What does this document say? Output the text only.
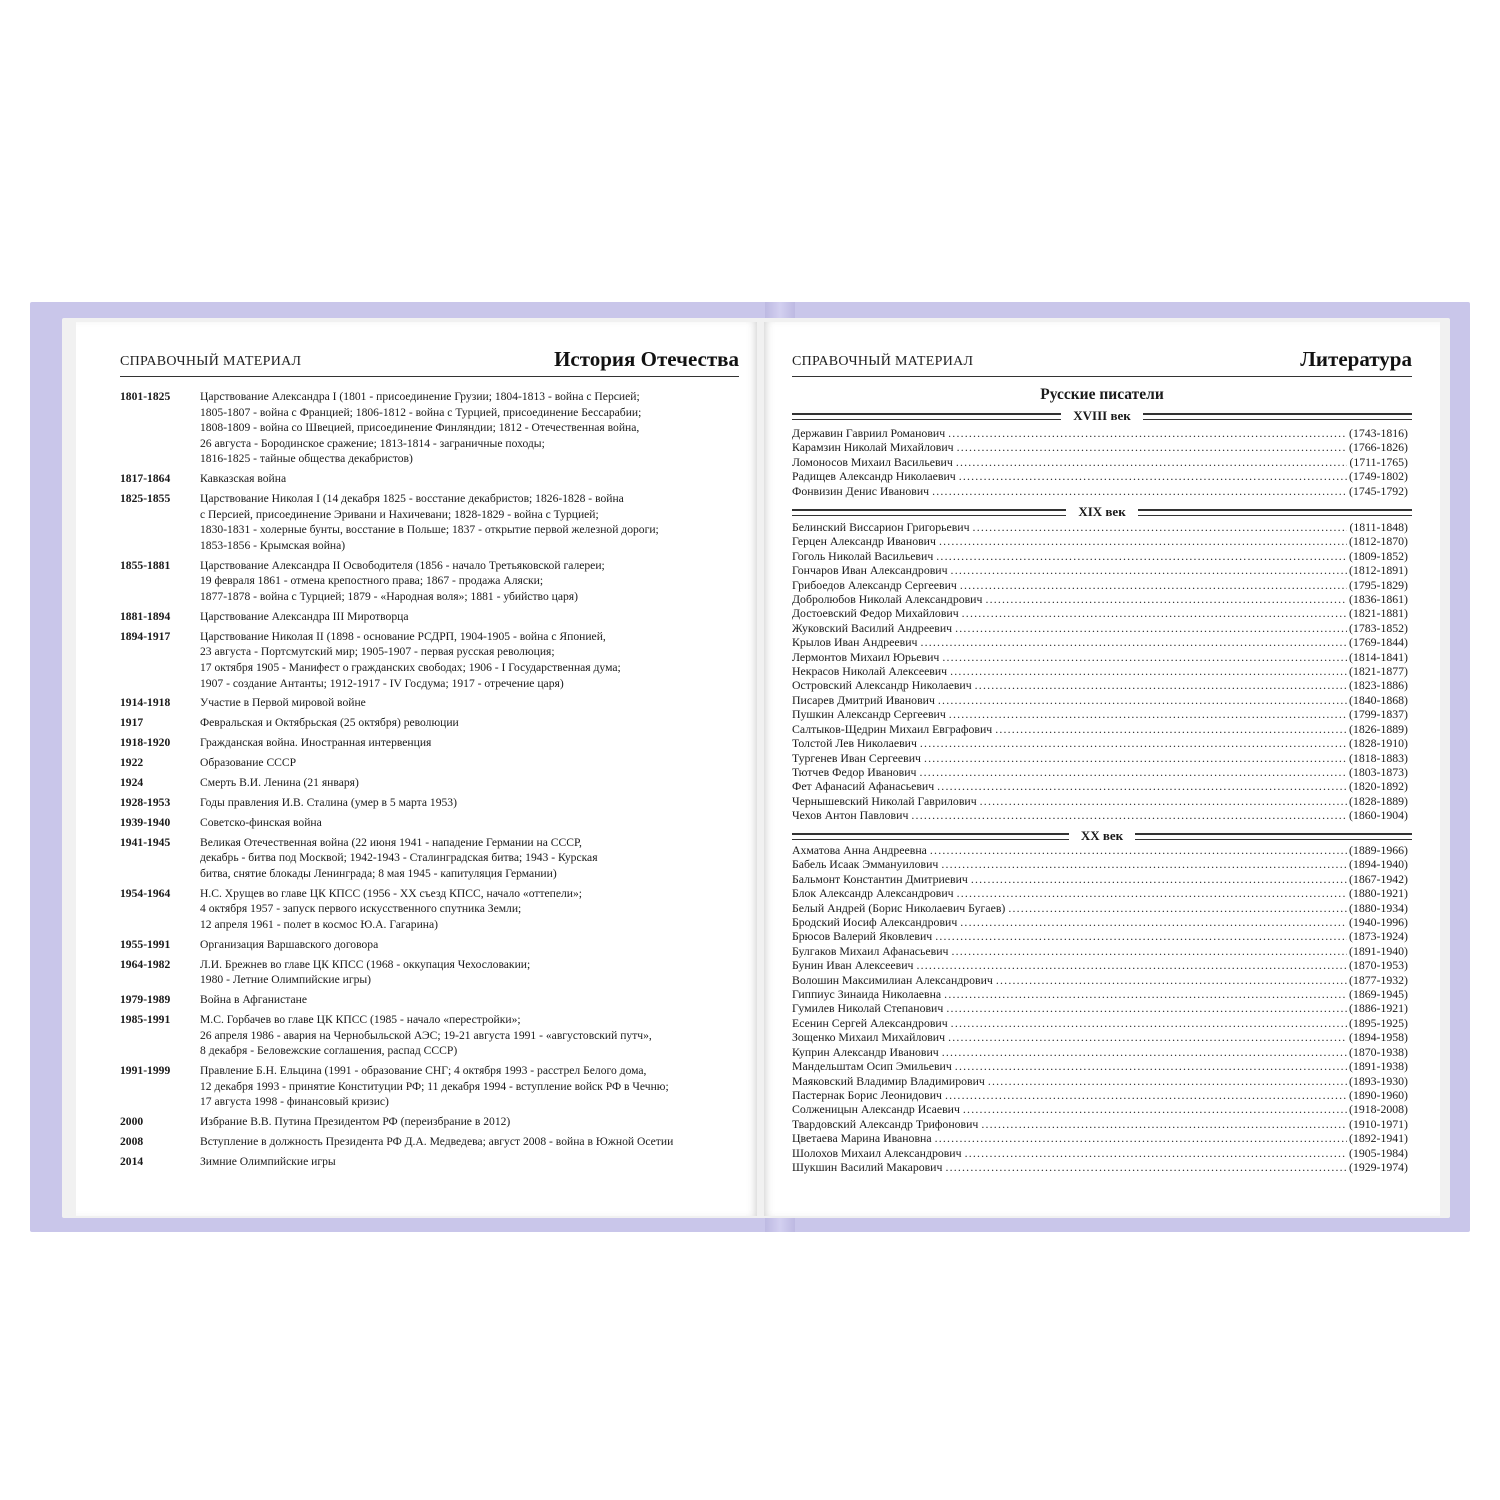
СПРАВОЧНЫЙ МАТЕРИАЛ	История Отечества
1801-1825	Царствование Александра I (1801 - присоединение Грузии; 1804-1813 - война с Персией;
1805-1807 - война с Францией; 1806-1812 - война с Турцией, присоединение Бессарабии;
1808-1809 - война со Швецией, присоединение Финляндии; 1812 - Отечественная война,
26 августа - Бородинское сражение; 1813-1814 - заграничные походы;
1816-1825 - тайные общества декабристов)
1817-1864	Кавказская война
1825-1855	Царствование Николая I (14 декабря 1825 - восстание декабристов; 1826-1828 - война
с Персией, присоединение Эривани и Нахичевани; 1828-1829 - война с Турцией;
1830-1831 - холерные бунты, восстание в Польше; 1837 - открытие первой железной дороги;
1853-1856 - Крымская война)
1855-1881	Царствование Александра II Освободителя (1856 - начало Третьяковской галереи;
19 февраля 1861 - отмена крепостного права; 1867 - продажа Аляски;
1877-1878 - война с Турцией; 1879 - «Народная воля»; 1881 - убийство царя)
1881-1894	Царствование Александра III Миротворца
1894-1917	Царствование Николая II (1898 - основание РСДРП, 1904-1905 - война с Японией,
23 августа - Портсмутский мир; 1905-1907 - первая русская революция;
17 октября 1905 - Манифест о гражданских свободах; 1906 - I Государственная дума;
1907 - создание Антанты; 1912-1917 - IV Госдума; 1917 - отречение царя)
1914-1918	Участие в Первой мировой войне
1917	Февральская и Октябрьская (25 октября) революции
1918-1920	Гражданская война. Иностранная интервенция
1922	Образование СССР
1924	Смерть В.И. Ленина (21 января)
1928-1953	Годы правления И.В. Сталина (умер в 5 марта 1953)
1939-1940	Советско-финская война
1941-1945	Великая Отечественная война (22 июня 1941 - нападение Германии на СССР,
декабрь - битва под Москвой; 1942-1943 - Сталинградская битва; 1943 - Курская
битва, снятие блокады Ленинграда; 8 мая 1945 - капитуляция Германии)
1954-1964	Н.С. Хрущев во главе ЦК КПСС (1956 - XX съезд КПСС, начало «оттепели»;
4 октября 1957 - запуск первого искусственного спутника Земли;
12 апреля 1961 - полет в космос Ю.А. Гагарина)
1955-1991	Организация Варшавского договора
1964-1982	Л.И. Брежнев во главе ЦК КПСС (1968 - оккупация Чехословакии;
1980 - Летние Олимпийские игры)
1979-1989	Война в Афганистане
1985-1991	М.С. Горбачев во главе ЦК КПСС (1985 - начало «перестройки»;
26 апреля 1986 - авария на Чернобыльской АЭС; 19-21 августа 1991 - «августовский путч»,
8 декабря - Беловежские соглашения, распад СССР)
1991-1999	Правление Б.Н. Ельцина (1991 - образование СНГ; 4 октября 1993 - расстрел Белого дома,
12 декабря 1993 - принятие Конституции РФ; 11 декабря 1994 - вступление войск РФ в Чечню;
17 августа 1998 - финансовый кризис)
2000	Избрание В.В. Путина Президентом РФ (переизбрание в 2012)
2008	Вступление в должность Президента РФ Д.А. Медведева; август 2008 - война в Южной Осетии
2014	Зимние Олимпийские игры
СПРАВОЧНЫЙ МАТЕРИАЛ	Литература
Русские писатели
XVIII век
Державин Гавриил Романович .....	(1743-1816)
Карамзин Николай Михайлович .....	(1766-1826)
Ломоносов Михаил Васильевич .....	(1711-1765)
Радищев Александр Николаевич .....	(1749-1802)
Фонвизин Денис Иванович .....	(1745-1792)
XIX век
Белинский Виссарион Григорьевич .....	(1811-1848)
Герцен Александр Иванович .....	(1812-1870)
Гоголь Николай Васильевич .....	(1809-1852)
Гончаров Иван Александрович .....	(1812-1891)
Грибоедов Александр Сергеевич .....	(1795-1829)
Добролюбов Николай Александрович .....	(1836-1861)
Достоевский Федор Михайлович .....	(1821-1881)
Жуковский Василий Андреевич .....	(1783-1852)
Крылов Иван Андреевич .....	(1769-1844)
Лермонтов Михаил Юрьевич .....	(1814-1841)
Некрасов Николай Алексеевич .....	(1821-1877)
Островский Александр Николаевич .....	(1823-1886)
Писарев Дмитрий Иванович .....	(1840-1868)
Пушкин Александр Сергеевич .....	(1799-1837)
Салтыков-Щедрин Михаил Евграфович .....	(1826-1889)
Толстой Лев Николаевич .....	(1828-1910)
Тургенев Иван Сергеевич .....	(1818-1883)
Тютчев Федор Иванович .....	(1803-1873)
Фет Афанасий Афанасьевич .....	(1820-1892)
Чернышевский Николай Гаврилович .....	(1828-1889)
Чехов Антон Павлович .....	(1860-1904)
XX век
Ахматова Анна Андреевна .....	(1889-1966)
Бабель Исаак Эммануилович .....	(1894-1940)
Бальмонт Константин Дмитриевич .....	(1867-1942)
Блок Александр Александрович .....	(1880-1921)
Белый Андрей (Борис Николаевич Бугаев) .....	(1880-1934)
Бродский Иосиф Александрович .....	(1940-1996)
Брюсов Валерий Яковлевич .....	(1873-1924)
Булгаков Михаил Афанасьевич .....	(1891-1940)
Бунин Иван Алексеевич .....	(1870-1953)
Волошин Максимилиан Александрович .....	(1877-1932)
Гиппиус Зинаида Николаевна .....	(1869-1945)
Гумилев Николай Степанович .....	(1886-1921)
Есенин Сергей Александрович .....	(1895-1925)
Зощенко Михаил Михайлович .....	(1894-1958)
Куприн Александр Иванович .....	(1870-1938)
Мандельштам Осип Эмильевич .....	(1891-1938)
Маяковский Владимир Владимирович .....	(1893-1930)
Пастернак Борис Леонидович .....	(1890-1960)
Солженицын Александр Исаевич .....	(1918-2008)
Твардовский Александр Трифонович .....	(1910-1971)
Цветаева Марина Ивановна .....	(1892-1941)
Шолохов Михаил Александрович .....	(1905-1984)
Шукшин Василий Макарович .....	(1929-1974)
